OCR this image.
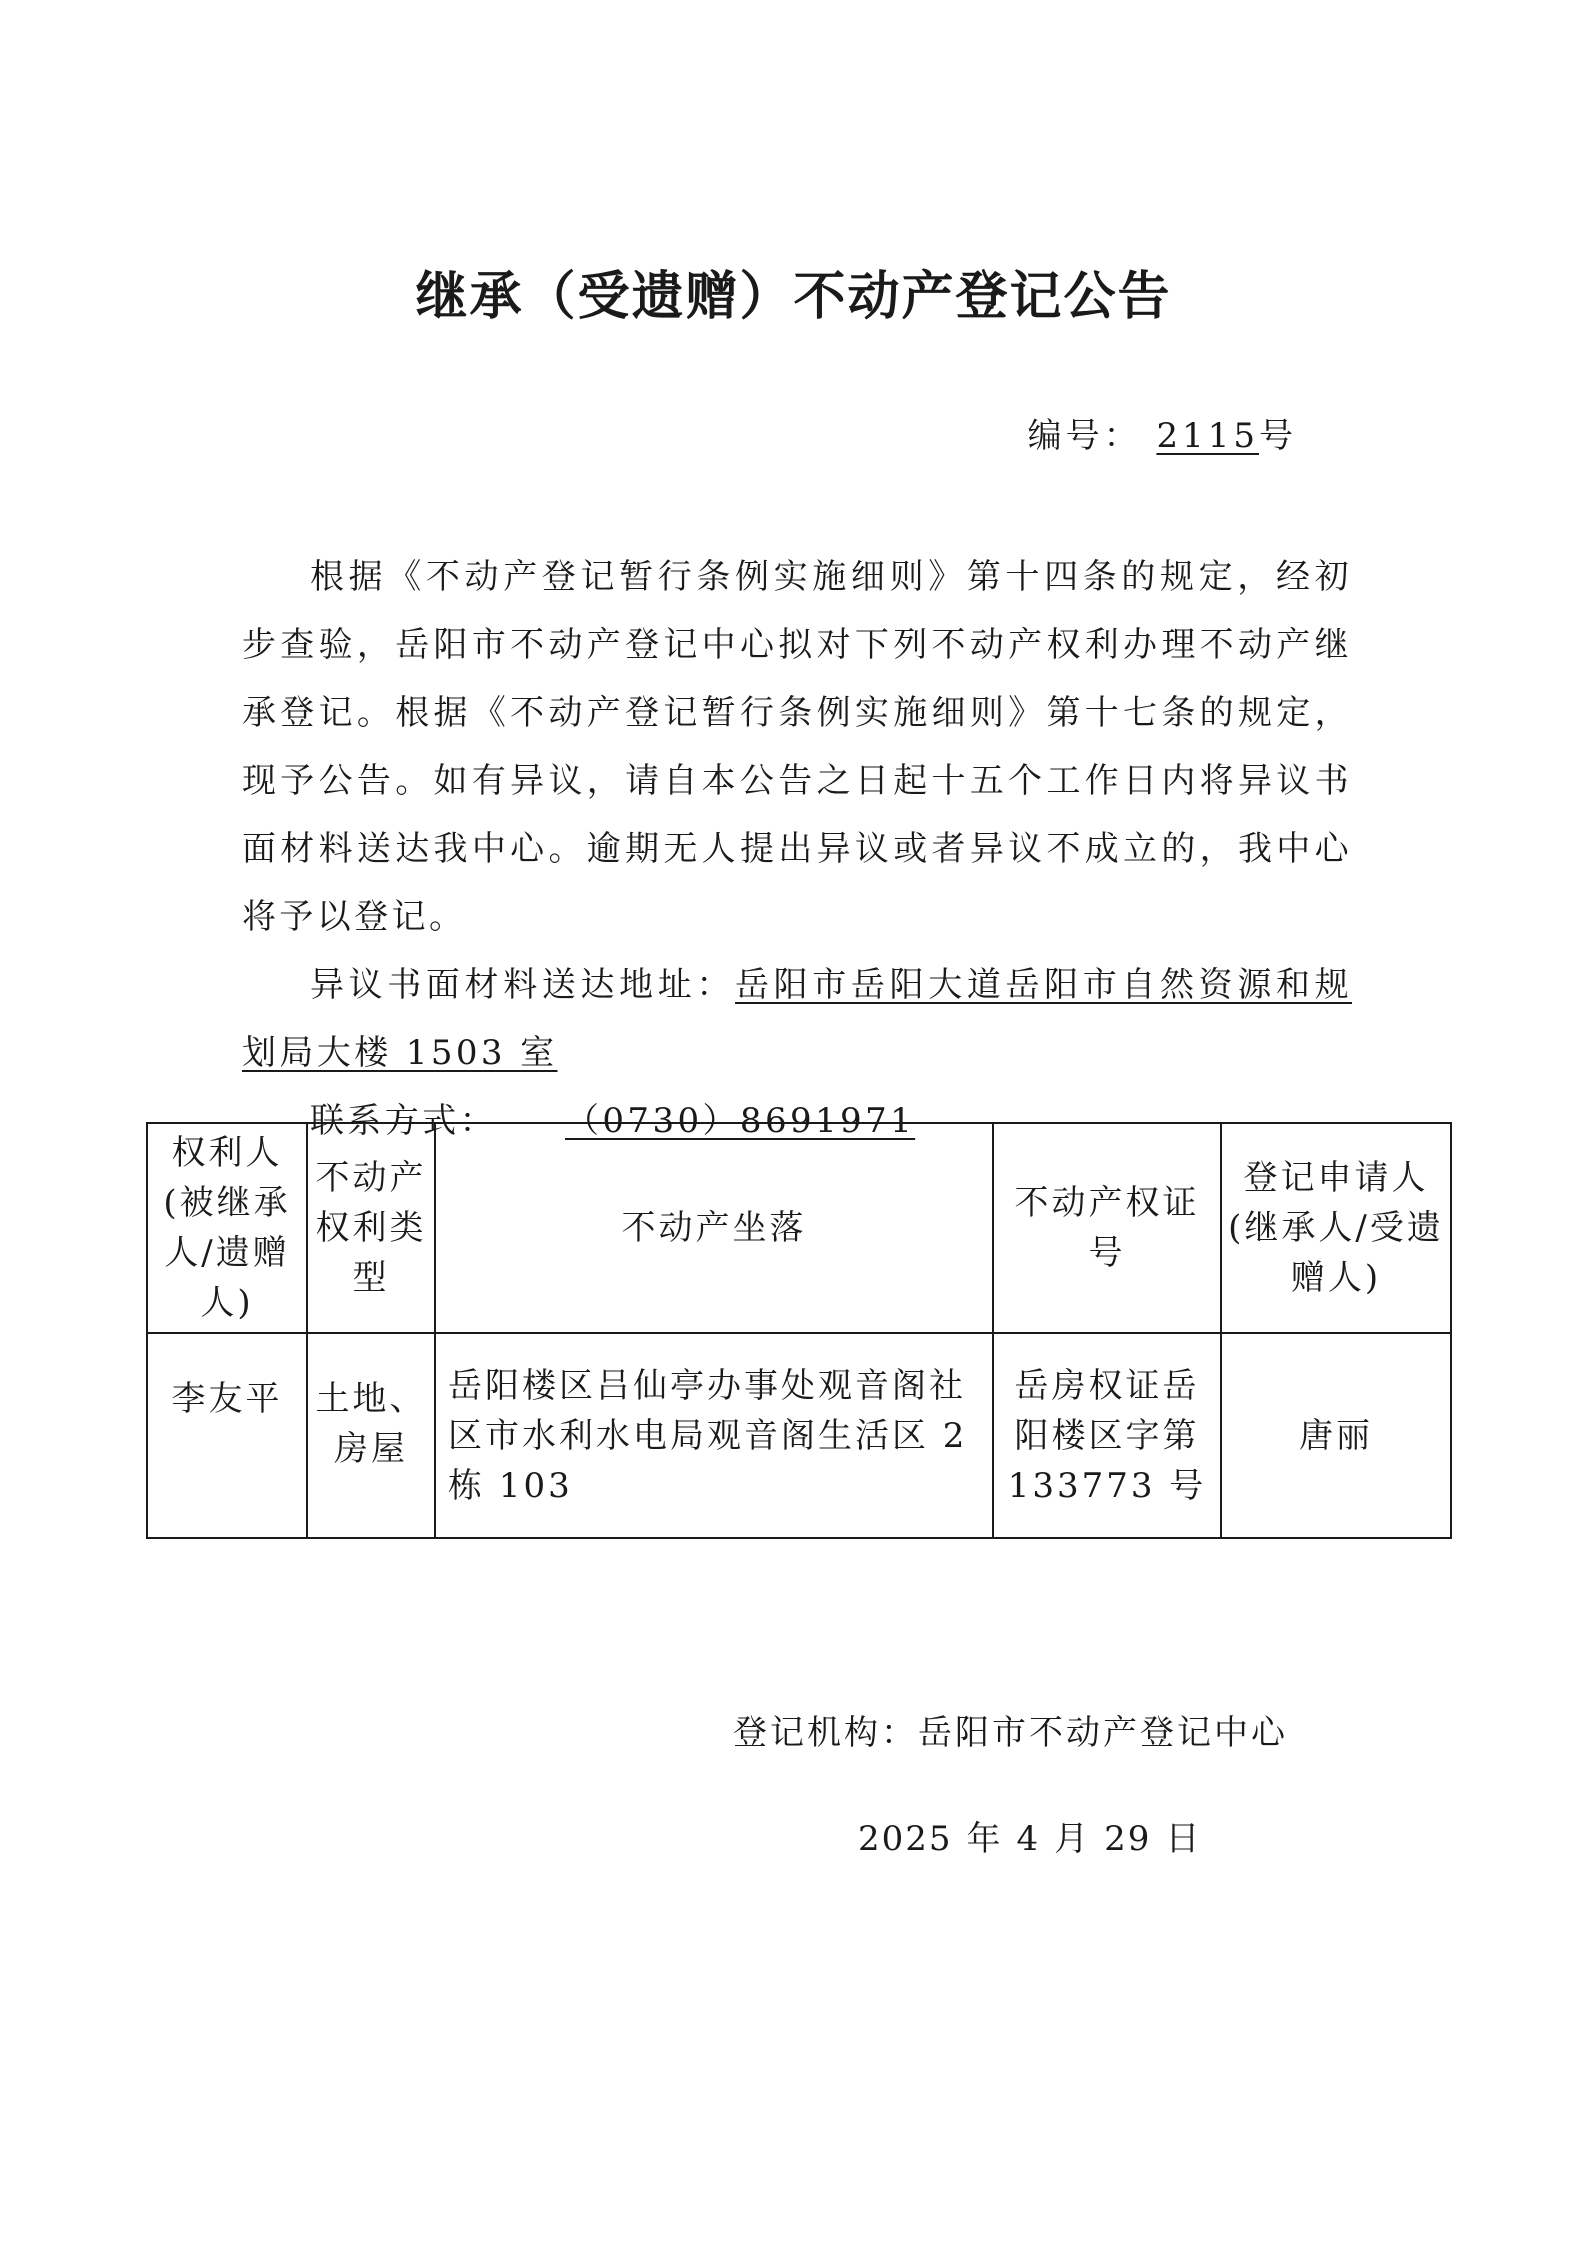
继承（受遗赠）不动产登记公告
编号： 2115号

根据《不动产登记暂行条例实施细则》第十四条的规定，经初步查验，岳阳市不动产登记中心拟对下列不动产权利办理不动产继承登记。根据《不动产登记暂行条例实施细则》第十七条的规定，现予公告。如有异议，请自本公告之日起十五个工作日内将异议书面材料送达我中心。逾期无人提出异议或者异议不成立的，我中心将予以登记。

异议书面材料送达地址：岳阳市岳阳大道岳阳市自然资源和规划局大楼 1503 室

联系方式： （0730）8691971

权利人(被继承人/遗赠人)	不动产权利类型	不动产坐落	不动产权证号	登记申请人(继承人/受遗赠人)
李友平	土地、房屋	岳阳楼区吕仙亭办事处观音阁社区市水利水电局观音阁生活区 2 栋 103	岳房权证岳阳楼区字第 133773 号	唐丽
登记机构：岳阳市不动产登记中心
2025 年 4 月 29 日
